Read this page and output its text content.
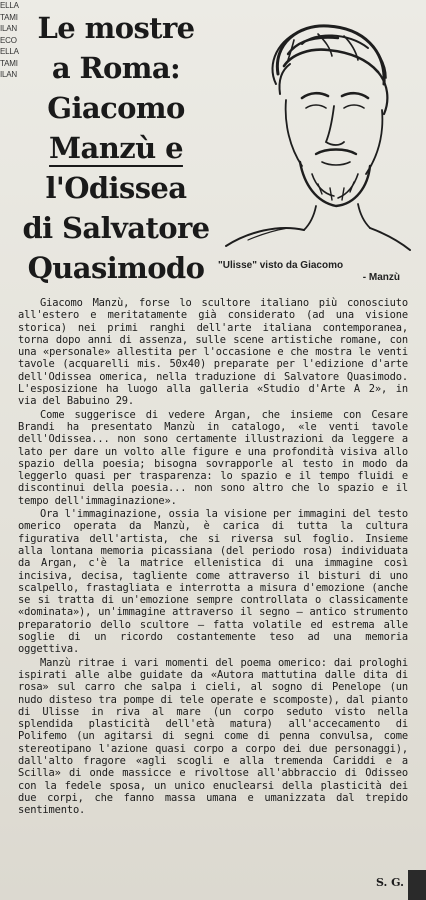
ELLA
TAMI
ILAN
ECO
ELLA
TAMI
ILAN
Le mostre
a Roma:
Giacomo
Manzù e
l'Odissea
di Salvatore
Quasimodo	"Ulisse" visto da Giacomo
- Manzù

Giacomo Manzù, forse lo scultore italiano più conosciuto all'estero e meritatamente già considerato (ad una visione storica) nei primi ranghi dell'arte italiana contemporanea, torna dopo anni di assenza, sulle scene artistiche romane, con una «personale» allestita per l'occasione e che mostra le venti tavole (acquarelli mis. 50x40) preparate per l'edizione d'arte dell'Odissea omerica, nella traduzione di Salvatore Quasimodo. L'esposizione ha luogo alla galleria «Studio d'Arte A 2», in via del Babuino 29.

Come suggerisce di vedere Argan, che insieme con Cesare Brandi ha presentato Manzù in catalogo, «le venti tavole dell'Odissea... non sono certamente illustrazioni da leggere a lato per dare un volto alle figure e una profondità visiva allo spazio della poesia; bisogna sovrapporle al testo in modo da leggerlo quasi per trasparenza: lo spazio e il tempo fluidi e discontinui della poesia... non sono altro che lo spazio e il tempo dell'immaginazione».

Ora l'immaginazione, ossia la visione per immagini del testo omerico operata da Manzù, è carica di tutta la cultura figurativa dell'artista, che si riversa sul foglio. Insieme alla lontana memoria picassiana (del periodo rosa) individuata da Argan, c'è la matrice ellenistica di una immagine così incisiva, decisa, tagliente come attraverso il bisturi di uno scalpello, frastagliata e interrotta a misura d'emozione (anche se si tratta di un'emozione sempre controllata o classicamente «dominata»), un'immagine attraverso il segno — antico strumento preparatorio dello scultore — fatta volatile ed estrema alle soglie di un ricordo costantemente teso ad una memoria oggettiva.

Manzù ritrae i vari momenti del poema omerico: dai prologhi ispirati alle albe guidate da «Autora mattutina dalle dita di rosa» sul carro che salpa i cieli, al sogno di Penelope (un nudo disteso tra pompe di tele operate e scomposte), dal pianto di Ulisse in riva al mare (un corpo seduto visto nella splendida plasticità dell'età matura) all'accecamento di Polifemo (un agitarsi di segni come di penna convulsa, come stereotipano l'azione quasi corpo a corpo dei due personaggi), dall'alto fragore «agli scogli e alla tremenda Cariddi e a Scilla» di onde massicce e rivoltose all'abbraccio di Odisseo con la fedele sposa, un unico enuclearsi della plasticità dei due corpi, che fanno massa umana e umanizzata dal trepido sentimento.

S. G.
